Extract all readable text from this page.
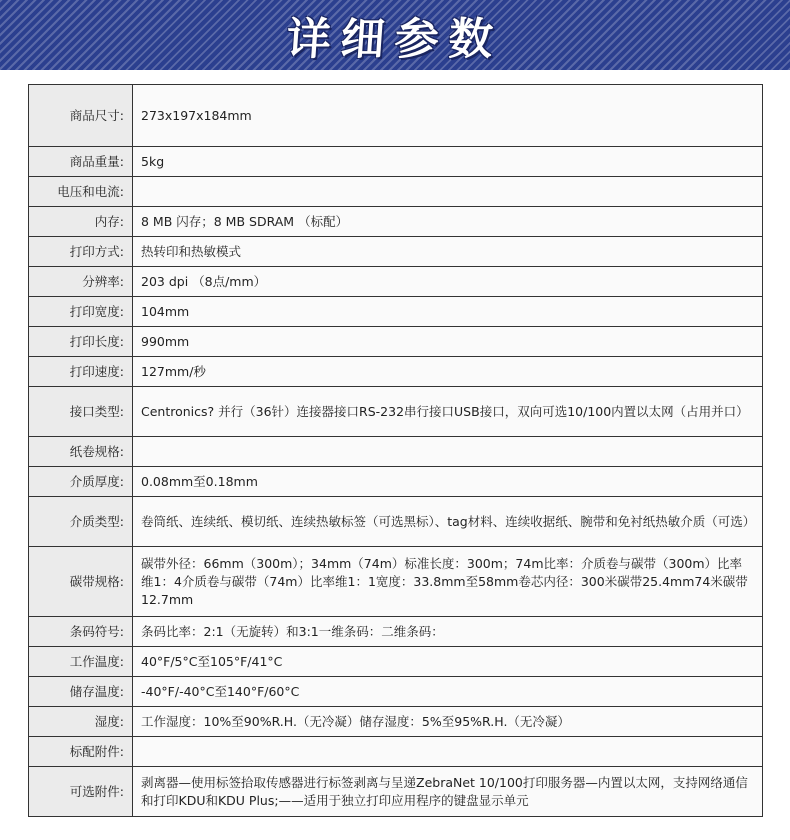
详细参数
商品尺寸:	273x197x184mm
商品重量:	5kg
电压和电流:	
内存:	8 MB 闪存；8 MB SDRAM （标配）
打印方式:	热转印和热敏模式
分辨率:	203 dpi （8点/mm）
打印宽度:	104mm
打印长度:	990mm
打印速度:	127mm/秒
接口类型:	Centronics? 并行（36针）连接器接口RS-232串行接口USB接口，双向可选10/100内置以太网（占用并口）
纸卷规格:	
介质厚度:	0.08mm至0.18mm
介质类型:	卷筒纸、连续纸、模切纸、连续热敏标签（可选黑标）、tag材料、连续收据纸、腕带和免衬纸热敏介质（可选）
碳带规格:	碳带外径：66mm（300m）；34mm（74m）标准长度：300m；74m比率：介质卷与碳带（300m）比率维1：4介质卷与碳带（74m）比率维1：1宽度：33.8mm至58mm卷芯内径：300米碳带25.4mm74米碳带 12.7mm
条码符号:	条码比率：2:1（无旋转）和3:1一维条码：二维条码：
工作温度:	40°F/5°C至105°F/41°C
储存温度:	-40°F/-40°C至140°F/60°C
湿度:	工作湿度：10%至90%R.H.（无冷凝）储存湿度：5%至95%R.H.（无冷凝）
标配附件:	
可选附件:	剥离器—使用标签拾取传感器进行标签剥离与呈递ZebraNet 10/100打印服务器—内置以太网，支持网络通信和打印KDU和KDU Plus;——适用于独立打印应用程序的键盘显示单元
